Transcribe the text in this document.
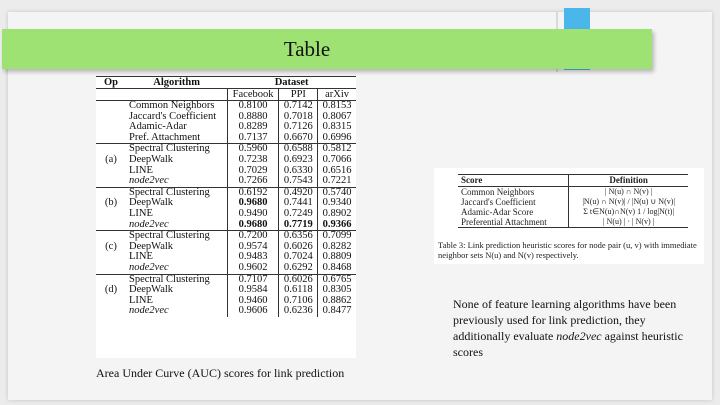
Table
Op	Algorithm	Dataset		
		Facebook	PPI	arXiv
	Common Neighbors	0.8100	0.7142	0.8153
	Jaccard's Coefficient	0.8880	0.7018	0.8067
	Adamic-Adar	0.8289	0.7126	0.8315
	Pref. Attachment	0.7137	0.6670	0.6996
	Spectral Clustering	0.5960	0.6588	0.5812
(a)	DeepWalk	0.7238	0.6923	0.7066
	LINE	0.7029	0.6330	0.6516
	node2vec	0.7266	0.7543	0.7221
	Spectral Clustering	0.6192	0.4920	0.5740
(b)	DeepWalk	0.9680	0.7441	0.9340
	LINE	0.9490	0.7249	0.8902
	node2vec	0.9680	0.7719	0.9366
	Spectral Clustering	0.7200	0.6356	0.7099
(c)	DeepWalk	0.9574	0.6026	0.8282
	LINE	0.9483	0.7024	0.8809
	node2vec	0.9602	0.6292	0.8468
	Spectral Clustering	0.7107	0.6026	0.6765
(d)	DeepWalk	0.9584	0.6118	0.8305
	LINE	0.9460	0.7106	0.8862
	node2vec	0.9606	0.6236	0.8477
Area Under Curve (AUC) scores for link prediction
Score	Definition
Common Neighbors	| N(u) ∩ N(v) |
Jaccard's Coefficient	|N(u) ∩ N(v)| / |N(u) ∪ N(v)|
Adamic-Adar Score	Σ t∈N(u)∩N(v) 1 / log|N(t)|
Preferential Attachment	| N(u) | · | N(v) |
Table 3: Link prediction heuristic scores for node pair (u, v) with immediate neighbor sets N(u) and N(v) respectively.
None of feature learning algorithms have been previously used for link prediction, they additionally evaluate node2vec against heuristic scores
